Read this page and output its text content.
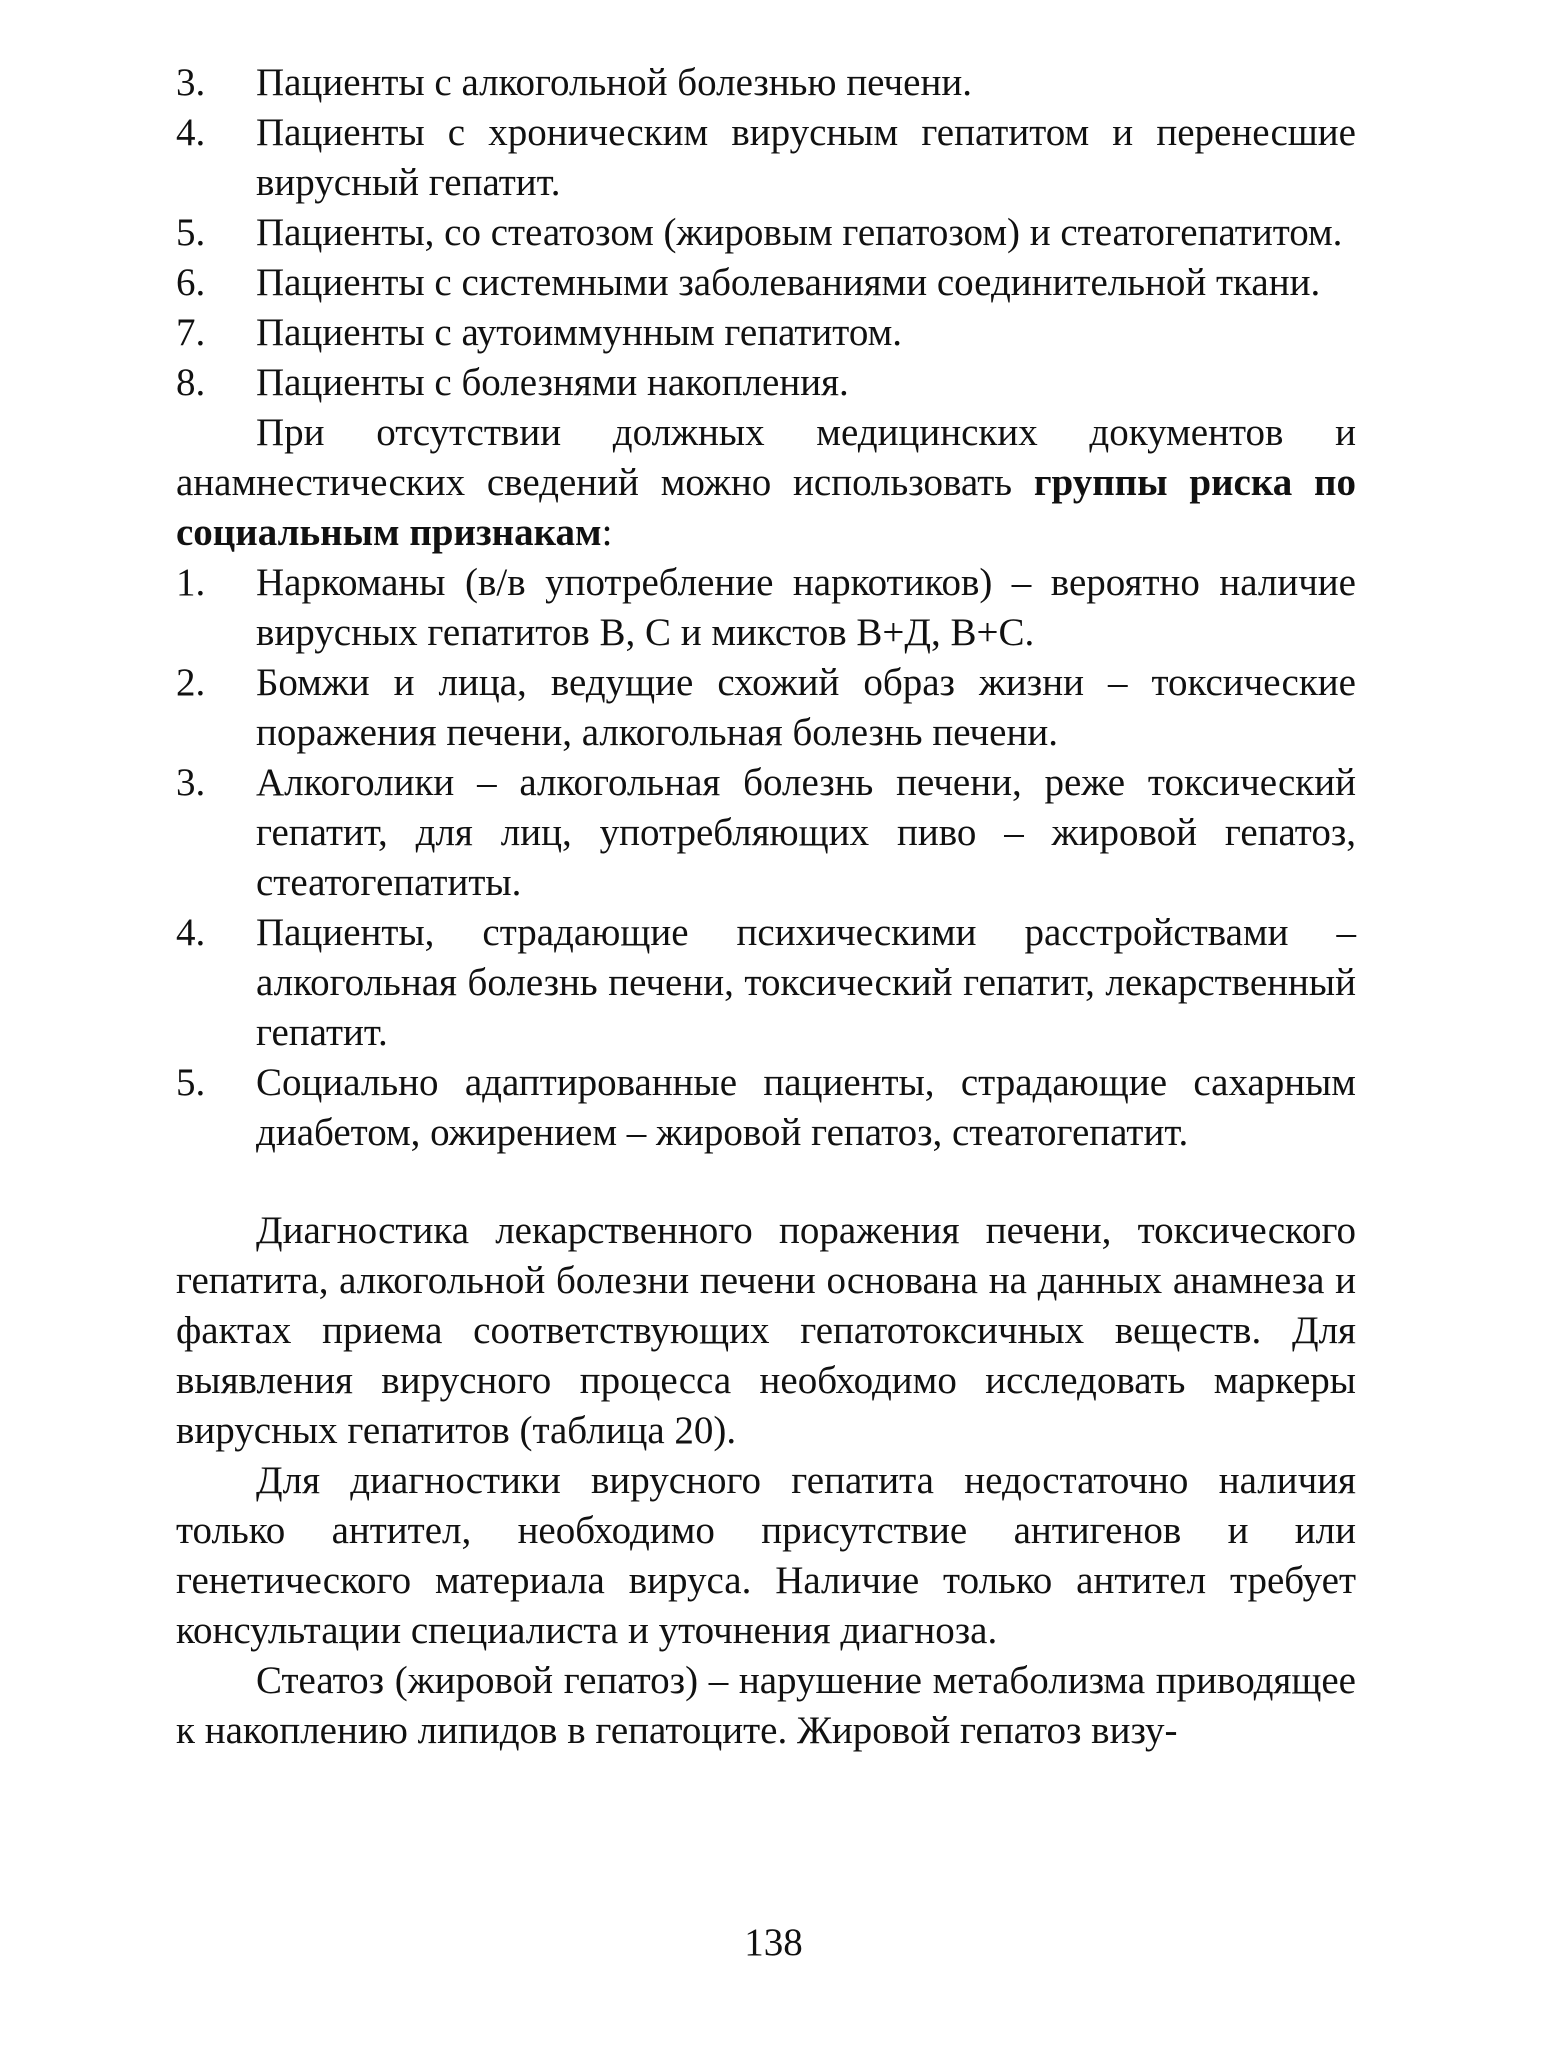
3.	Пациенты с алкогольной болезнью печени.
4.	Пациенты с хроническим вирусным гепатитом и перенесшие вирусный гепатит.
5.	Пациенты, со стеатозом (жировым гепатозом) и стеатогепатитом.
6.	Пациенты с системными заболеваниями соединительной ткани.
7.	Пациенты с аутоиммунным гепатитом.
8.	Пациенты с болезнями накопления.

При отсутствии должных медицинских документов и анамнестических сведений можно использовать группы риска по социальным признакам:

1.	Наркоманы (в/в употребление наркотиков) – вероятно наличие вирусных гепатитов В, С и микстов В+Д, В+С.
2.	Бомжи и лица, ведущие схожий образ жизни – токсические поражения печени, алкогольная болезнь печени.
3.	Алкоголики – алкогольная болезнь печени, реже токсический гепатит, для лиц, употребляющих пиво – жировой гепатоз, стеатогепатиты.
4.	Пациенты, страдающие психическими расстройствами – алкогольная болезнь печени, токсический гепатит, лекарственный гепатит.
5.	Социально адаптированные пациенты, страдающие сахарным диабетом, ожирением – жировой гепатоз, стеатогепатит.

Диагностика лекарственного поражения печени, токсического гепатита, алкогольной болезни печени основана на данных анамнеза и фактах приема соответствующих гепатотоксичных веществ. Для выявления вирусного процесса необходимо исследовать маркеры вирусных гепатитов (таблица 20).

Для диагностики вирусного гепатита недостаточно наличия только антител, необходимо присутствие антигенов и или генетического материала вируса. Наличие только антител требует консультации специалиста и уточнения диагноза.

Стеатоз (жировой гепатоз) – нарушение метаболизма приводящее к накоплению липидов в гепатоците. Жировой гепатоз визу-

138
